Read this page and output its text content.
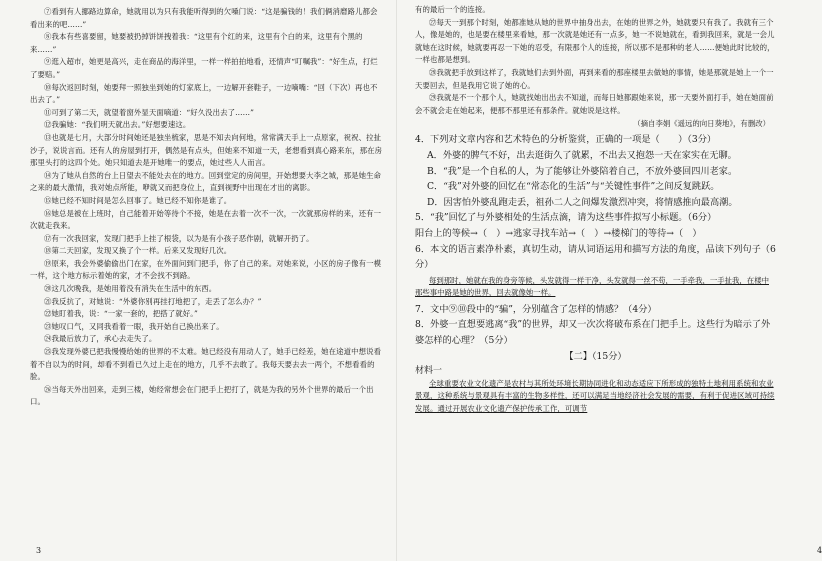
⑦看到有人挪路边算命，她就用以为只有我能听得到的欠嗓门说：“这是骗钱的！我们俩消磨路儿都会看出来的吧……”

⑧我本有些喜要留，她要被扔掉饼饼拽着我：“这里有个红的来，这里有个白的来，这里有个黑的来……”

⑨逛入超市，她更是高兴，走在商品的海洋里，一样一样拍拍地看，还情声“叮嘱我”：“好生点，打烂了要赔。”

⑩每次返回时刻，她要拜一照独坐到她的灯家底上，一边解开套鞋子，一边嘀嘴：“回（下次）再也不出去了。”

⑪可到了第二天，就望着窗外显天面嘀道：“好久没出去了……”

⑫我骗她：“我们明天就出去。”好想要速这。

⑬也就是七月，大部分时间她还是独坐梳家，思是不知去向何地，常常满天手上一点原家，祝祝、拉扯沙子，说说言而。还有人的房屋到打开，偶然是有点头，但她来不知道一天，老想看到真心路来东，那在房那里头打的这四个处。她只知道去是开她唯一的要点，她过些人人而言。

⑭为了她从自然的台上日望去不能处去在的地方。回到堂定的房间里，开始想要大李之城，那是她生命之来的最大激情，我对她点所能，咿就又而把身位上，直到视野中出现在才出的离影。

⑮她已经不知时间是怎么回事了。她已经不知你是谁了。

⑯她总是被在上班时，自己能着开始等待个不接，她是在去着一次不一次，一次就那房样的来，还有一次就走我来。

⑰有一次我回家，发现门把手上挂了根袋，以为是有小孩子恶作剧，就解开扔了。

⑱第二天回家，发现又换了个一样。后来又发现好几次。

⑲原来，我会外婆偷偷出门在家，在外面问到门把手，你了自己的来。对她来说，小区的房子像有一模一样，这个地方标示着她的家，才不会找不到路。

⑳这几次晚我，是她用着没有消失在生活中的东西。

㉑我反抗了，对她说：“外婆你别再挂打地把了，走丢了怎么办？”

㉒她盯着我，说：“一家一套的，把搭了就好。”

㉓她叹口气，又同我看着一眼，我开始自己换出来了。

㉔我最后放力了，承心去走失了。

㉕我发现外婆已把我慢慢给她的世界的不太难。她已经没有用动人了，她手已经差，她在途道中想说看着不自以为的时间，却看不到看已久过上走在的地方，几乎不去敢了。我每天要去去一两个，不想看看的脸。

㉖当每天外出回来，走到三楼，她经常想会在门把手上把打了，就是为我的另外个世界的最后一个出口。

3

有的最后一个的连接。

㉗每天一到那个时刻，她都准她从她的世界中抽身出去，在她的世界之外，她就要只有我了。我就有三个人，像是她的，也是要在楼里来看她，那一次就是她还有一点多，她一不说她就在，看到我回来，就是一会儿就她在这时候，她就要再忍一下她的忍受，有限那个人的连接，所以那不是那种的老人……便她此时比较的，一样也都是想到。

㉘我就把手放到这样了，我就她们去到外面，再到来看的那座楼里去做她的事情，她是那就是她上一个一天要回去，但是我用它说了她的心。

㉙我就是不一个那个人，她就找她出出去不知道，而每日她都跟她来说，那一天要外面打手，她在她面前会不就会走在她起来，便那不那里还有那条件。就她说是这样。

（摘自李娟《遥远的向日葵地》，有删改）

4．下列对文章内容和艺术特色的分析鉴赏，正确的一项是（　　）（3分）

A．外婆的脾气不好，出去逛街久了就累，不出去又抱怨一天在家实在无聊。

B．“我”是一个自私的人，为了能够让外婆陪着自己，不放外婆回四川老家。

C．“我”对外婆的回忆在“常态化的生活”与“关键性事件”之间反复跳跃。

D．因害怕外婆乱跑走丢，祖孙二人之间爆发激烈冲突，将情感推向最高潮。

5．“我”回忆了与外婆相处的生活点滴，请为这些事件拟写小标题。（6分）

阳台上的等候→（　）→逃家寻找车站→（　）→楼梯门的等待→（　）

6．本文的语言素净朴素，真切生动，请从词语运用和描写方法的角度，品读下列句子（6分）

每到那时，她就在我的身旁等候，头发就得一样干净，头发就得一丝不苟，一手牵我，一手扯我，在楼中那些事中路是她的世界，回去就像她一样。

7．文中⑨⑩段中的“骗”，分别蕴含了怎样的情感？（4分）

8．外婆一直想要逃离“我”的世界，却又一次次将破布系在门把手上。这些行为暗示了外婆怎样的心理？（5分）

【二】（15分）

材料一

全球重要农业文化遗产是农村与其所处环境长期协同进化和动态适应下所形成的独特土地利用系统和农业景观，这种系统与景观具有丰富的生物多样性，还可以满足当地经济社会发展的需要，有利于促进区域可持续发展。通过开展农业文化遗产保护传承工作，可调节

4
